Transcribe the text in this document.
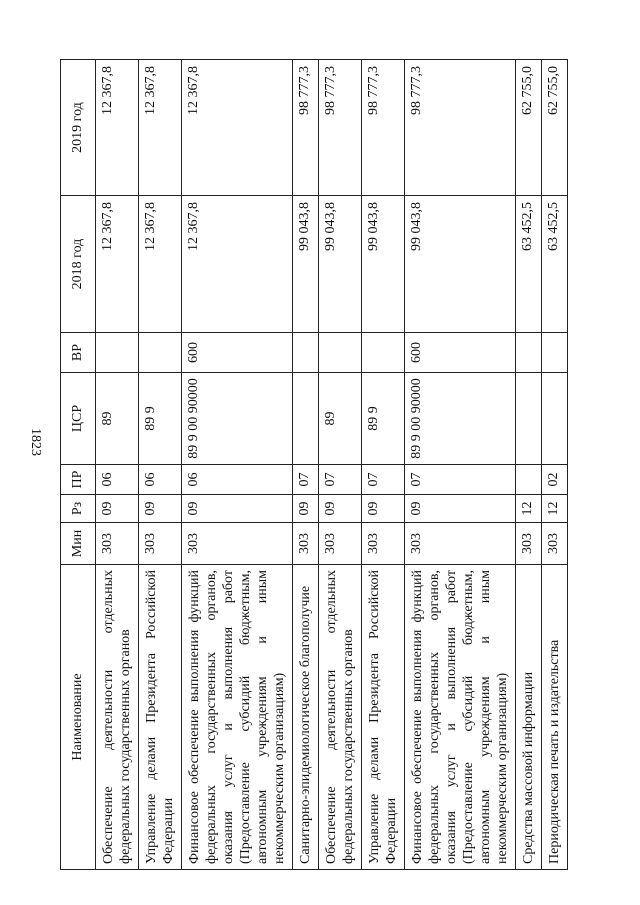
1823
Наименование	Мин	Рз	ПР	ЦСР	ВР	2018 год	2019 год
Обеспечение деятельности отдельных федеральных государственных органов	303	09	06	89		12 367,8	12 367,8
Управление делами Президента Российской Федерации	303	09	06	89 9		12 367,8	12 367,8
Финансовое обеспечение выполнения функций федеральных государственных органов, оказания услуг и выполнения работ (Предоставление субсидий бюджетным, автономным учреждениям и иным некоммерческим организациям)	303	09	06	89 9 00 90000	600	12 367,8	12 367,8
Санитарно-эпидемиологическое благополучие	303	09	07			99 043,8	98 777,3
Обеспечение деятельности отдельных федеральных государственных органов	303	09	07	89		99 043,8	98 777,3
Управление делами Президента Российской Федерации	303	09	07	89 9		99 043,8	98 777,3
Финансовое обеспечение выполнения функций федеральных государственных органов, оказания услуг и выполнения работ (Предоставление субсидий бюджетным, автономным учреждениям и иным некоммерческим организациям)	303	09	07	89 9 00 90000	600	99 043,8	98 777,3
Средства массовой информации	303	12				63 452,5	62 755,0
Периодическая печать и издательства	303	12	02			63 452,5	62 755,0
